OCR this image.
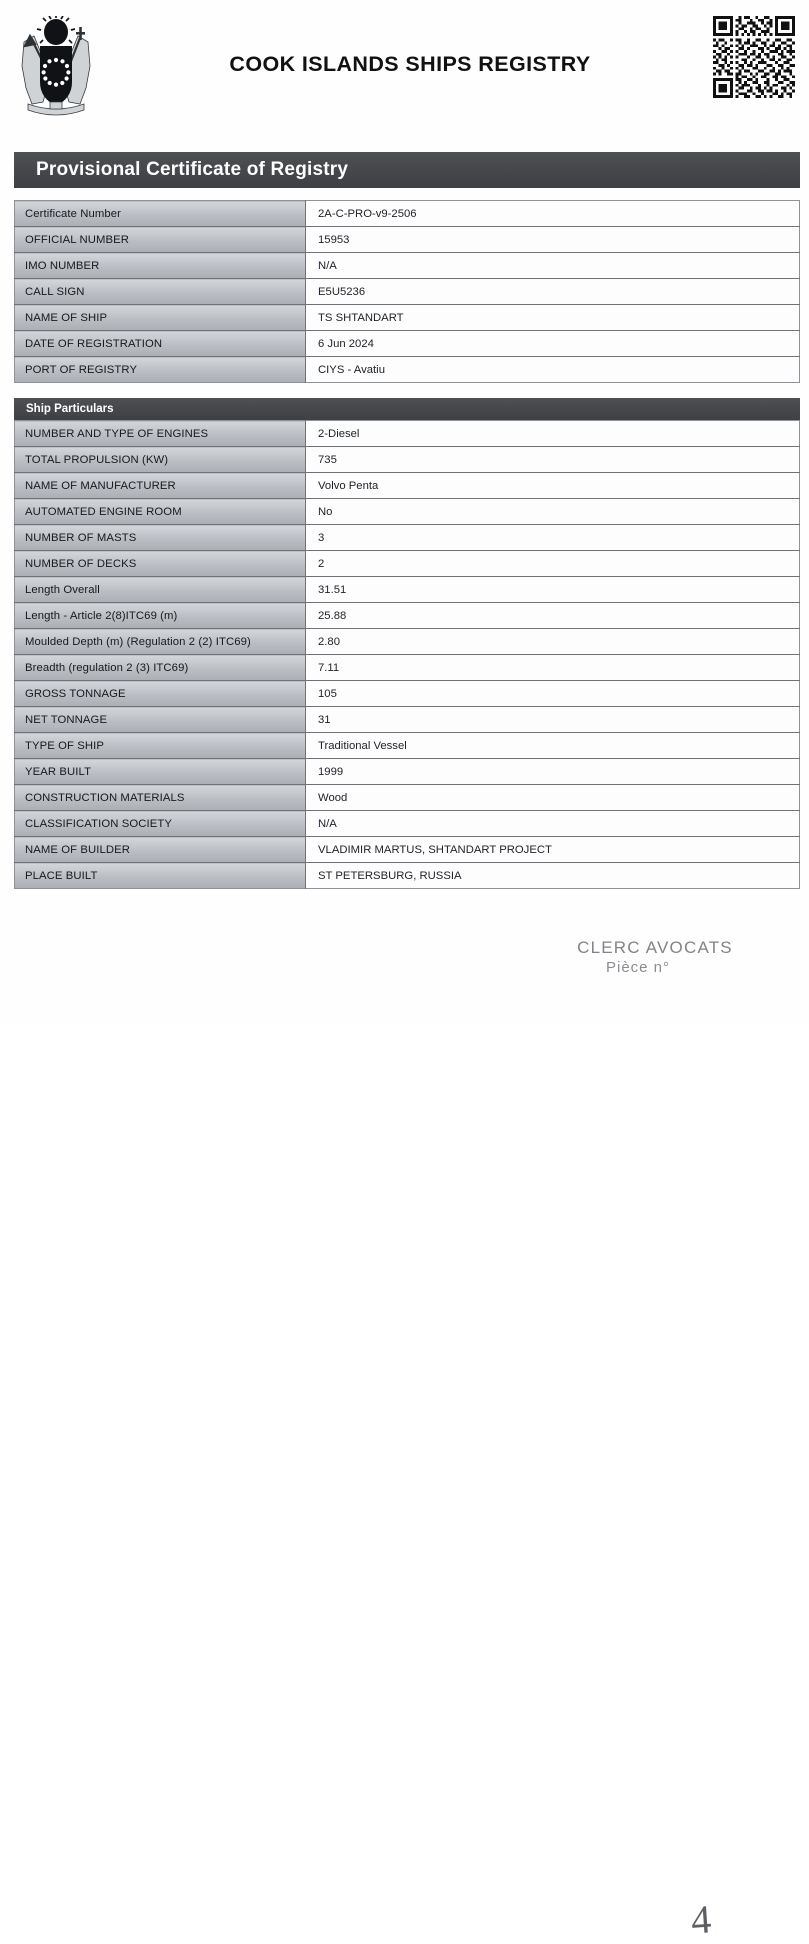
COOK ISLANDS SHIPS REGISTRY
Provisional Certificate of Registry
Certificate Number	2A-C-PRO-v9-2506
OFFICIAL NUMBER	15953
IMO NUMBER	N/A
CALL SIGN	E5U5236
NAME OF SHIP	TS SHTANDART
DATE OF REGISTRATION	6 Jun 2024
PORT OF REGISTRY	CIYS - Avatiu
Ship Particulars
NUMBER AND TYPE OF ENGINES	2-Diesel
TOTAL PROPULSION (KW)	735
NAME OF MANUFACTURER	Volvo Penta
AUTOMATED ENGINE ROOM	No
NUMBER OF MASTS	3
NUMBER OF DECKS	2
Length Overall	31.51
Length - Article 2(8)ITC69 (m)	25.88
Moulded Depth (m) (Regulation 2 (2) ITC69)	2.80
Breadth (regulation 2 (3) ITC69)	7.11
GROSS TONNAGE	105
NET TONNAGE	31
TYPE OF SHIP	Traditional Vessel
YEAR BUILT	1999
CONSTRUCTION MATERIALS	Wood
CLASSIFICATION SOCIETY	N/A
NAME OF BUILDER	VLADIMIR MARTUS, SHTANDART PROJECT
PLACE BUILT	ST PETERSBURG, RUSSIA
CLERC AVOCATS
Pièce n°
4
